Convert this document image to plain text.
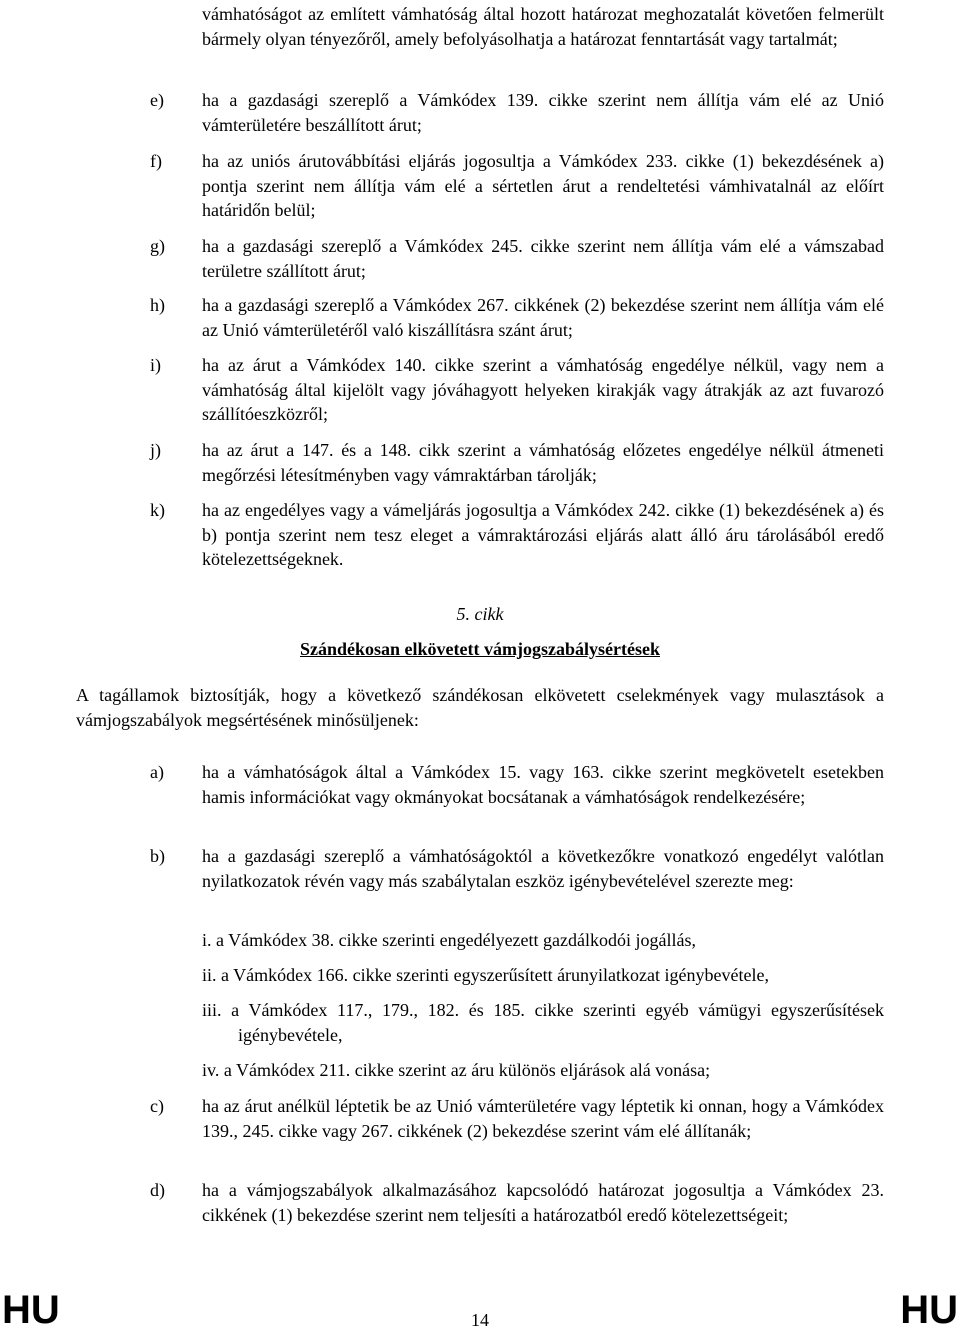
vámhatóságot az említett vámhatóság által hozott határozat meghozatalát követően felmerült bármely olyan tényezőről, amely befolyásolhatja a határozat fenntartását vagy tartalmát;
e) ha a gazdasági szereplő a Vámkódex 139. cikke szerint nem állítja vám elé az Unió vámterületére beszállított árut;
f) ha az uniós árutovábbítási eljárás jogosultja a Vámkódex 233. cikke (1) bekezdésének a) pontja szerint nem állítja vám elé a sértetlen árut a rendeltetési vámhivatalnál az előírt határidőn belül;
g) ha a gazdasági szereplő a Vámkódex 245. cikke szerint nem állítja vám elé a vámszabad területre szállított árut;
h) ha a gazdasági szereplő a Vámkódex 267. cikkének (2) bekezdése szerint nem állítja vám elé az Unió vámterületéről való kiszállításra szánt árut;
i) ha az árut a Vámkódex 140. cikke szerint a vámhatóság engedélye nélkül, vagy nem a vámhatóság által kijelölt vagy jóváhagyott helyeken kirakják vagy átrakják az azt fuvarozó szállítóeszközről;
j) ha az árut a 147. és a 148. cikk szerint a vámhatóság előzetes engedélye nélkül átmeneti megőrzési létesítményben vagy vámraktárban tárolják;
k) ha az engedélyes vagy a vámeljárás jogosultja a Vámkódex 242. cikke (1) bekezdésének a) és b) pontja szerint nem tesz eleget a vámraktározási eljárás alatt álló áru tárolásából eredő kötelezettségeknek.
5. cikk
Szándékosan elkövetett vámjogszabálysértések
A tagállamok biztosítják, hogy a következő szándékosan elkövetett cselekmények vagy mulasztások a vámjogszabályok megsértésének minősüljenek:
a) ha a vámhatóságok által a Vámkódex 15. vagy 163. cikke szerint megkövetelt esetekben hamis információkat vagy okmányokat bocsátanak a vámhatóságok rendelkezésére;
b) ha a gazdasági szereplő a vámhatóságoktól a következőkre vonatkozó engedélyt valótlan nyilatkozatok révén vagy más szabálytalan eszköz igénybevételével szerezte meg:
i. a Vámkódex 38. cikke szerinti engedélyezett gazdálkodói jogállás,
ii. a Vámkódex 166. cikke szerinti egyszerűsített árunyilatkozat igénybevétele,
iii. a Vámkódex 117., 179., 182. és 185. cikke szerinti egyéb vámügyi egyszerűsítések igénybevétele,
iv. a Vámkódex 211. cikke szerint az áru különös eljárások alá vonása;
c) ha az árut anélkül léptetik be az Unió vámterületére vagy léptetik ki onnan, hogy a Vámkódex 139., 245. cikke vagy 267. cikkének (2) bekezdése szerint vám elé állítanák;
d) ha a vámjogszabályok alkalmazásához kapcsolódó határozat jogosultja a Vámkódex 23. cikkének (1) bekezdése szerint nem teljesíti a határozatból eredő kötelezettségeit;
HU	14	HU
